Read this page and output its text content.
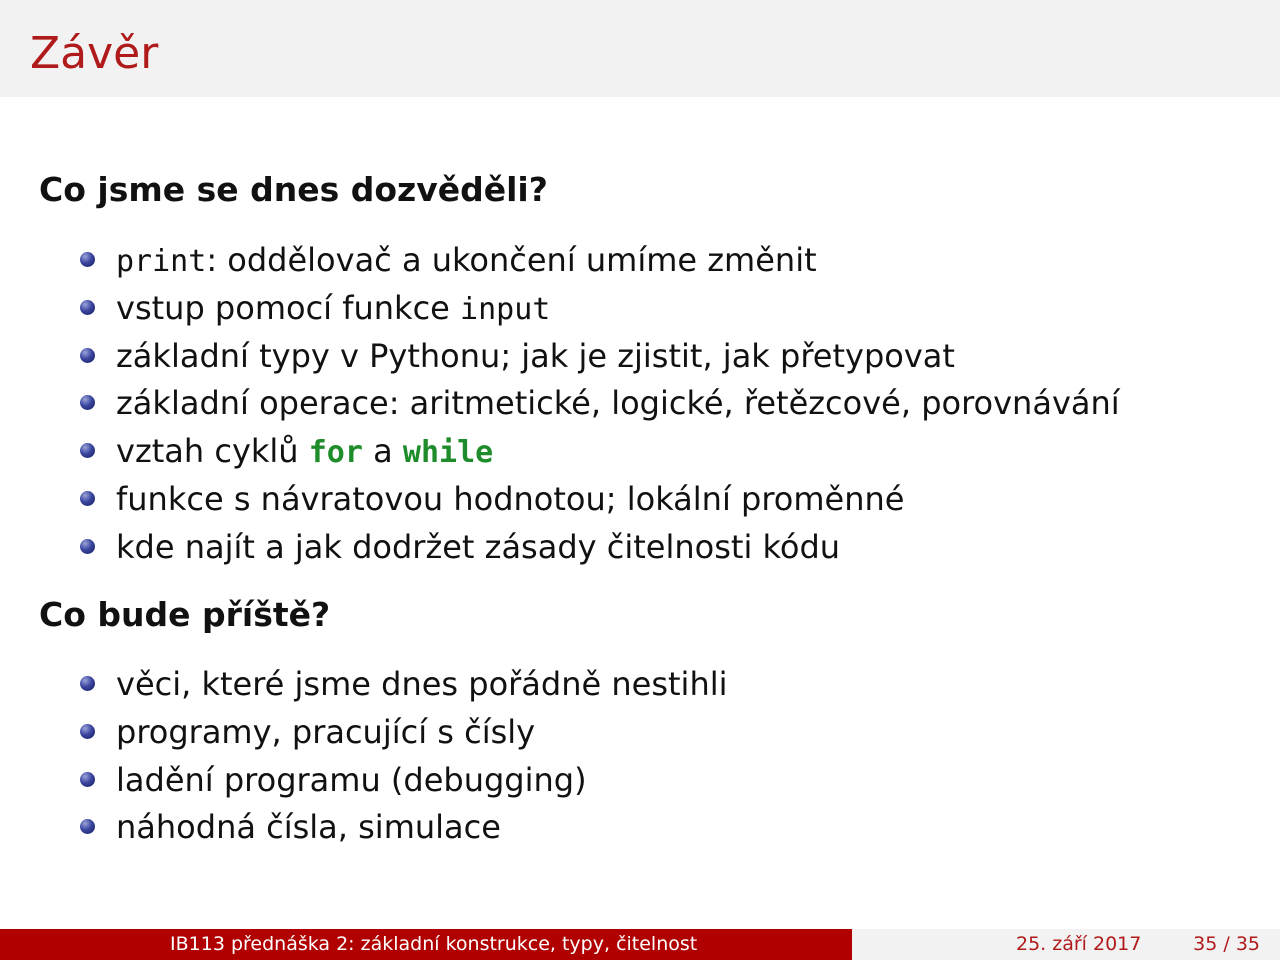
Závěr
Co jsme se dnes dozvěděli?
print: oddělovač a ukončení umíme změnit
vstup pomocí funkce input
základní typy v Pythonu; jak je zjistit, jak přetypovat
základní operace: aritmetické, logické, řetězcové, porovnávání
vztah cyklů for a while
funkce s návratovou hodnotou; lokální proměnné
kde najít a jak dodržet zásady čitelnosti kódu
Co bude příště?
věci, které jsme dnes pořádně nestihli
programy, pracující s čísly
ladění programu (debugging)
náhodná čísla, simulace
IB113 přednáška 2: základní konstrukce, typy, čitelnost	25. září 2017	35 / 35
